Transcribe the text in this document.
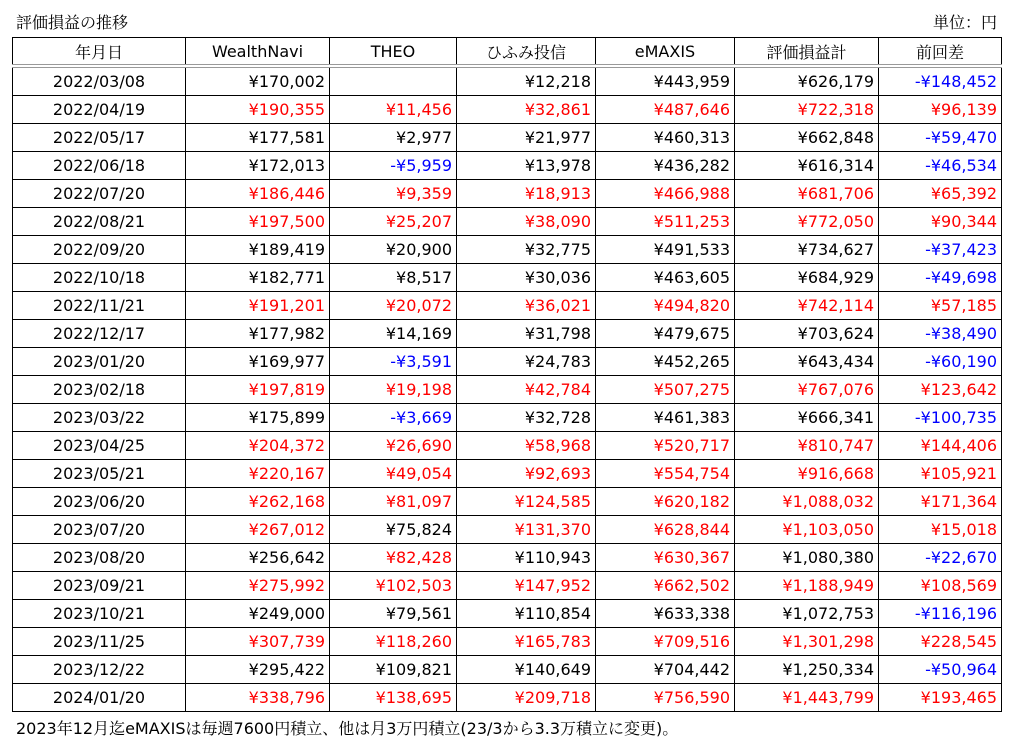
評価損益の推移	単位：円
年月日	WealthNavi	THEO	ひふみ投信	eMAXIS	評価損益計	前回差
2022/03/08	¥170,002		¥12,218	¥443,959	¥626,179	-¥148,452
2022/04/19	¥190,355	¥11,456	¥32,861	¥487,646	¥722,318	¥96,139
2022/05/17	¥177,581	¥2,977	¥21,977	¥460,313	¥662,848	-¥59,470
2022/06/18	¥172,013	-¥5,959	¥13,978	¥436,282	¥616,314	-¥46,534
2022/07/20	¥186,446	¥9,359	¥18,913	¥466,988	¥681,706	¥65,392
2022/08/21	¥197,500	¥25,207	¥38,090	¥511,253	¥772,050	¥90,344
2022/09/20	¥189,419	¥20,900	¥32,775	¥491,533	¥734,627	-¥37,423
2022/10/18	¥182,771	¥8,517	¥30,036	¥463,605	¥684,929	-¥49,698
2022/11/21	¥191,201	¥20,072	¥36,021	¥494,820	¥742,114	¥57,185
2022/12/17	¥177,982	¥14,169	¥31,798	¥479,675	¥703,624	-¥38,490
2023/01/20	¥169,977	-¥3,591	¥24,783	¥452,265	¥643,434	-¥60,190
2023/02/18	¥197,819	¥19,198	¥42,784	¥507,275	¥767,076	¥123,642
2023/03/22	¥175,899	-¥3,669	¥32,728	¥461,383	¥666,341	-¥100,735
2023/04/25	¥204,372	¥26,690	¥58,968	¥520,717	¥810,747	¥144,406
2023/05/21	¥220,167	¥49,054	¥92,693	¥554,754	¥916,668	¥105,921
2023/06/20	¥262,168	¥81,097	¥124,585	¥620,182	¥1,088,032	¥171,364
2023/07/20	¥267,012	¥75,824	¥131,370	¥628,844	¥1,103,050	¥15,018
2023/08/20	¥256,642	¥82,428	¥110,943	¥630,367	¥1,080,380	-¥22,670
2023/09/21	¥275,992	¥102,503	¥147,952	¥662,502	¥1,188,949	¥108,569
2023/10/21	¥249,000	¥79,561	¥110,854	¥633,338	¥1,072,753	-¥116,196
2023/11/25	¥307,739	¥118,260	¥165,783	¥709,516	¥1,301,298	¥228,545
2023/12/22	¥295,422	¥109,821	¥140,649	¥704,442	¥1,250,334	-¥50,964
2024/01/20	¥338,796	¥138,695	¥209,718	¥756,590	¥1,443,799	¥193,465
2023年12月迄eMAXISは毎週7600円積立、他は月3万円積立(23/3から3.3万積立に変更)。
